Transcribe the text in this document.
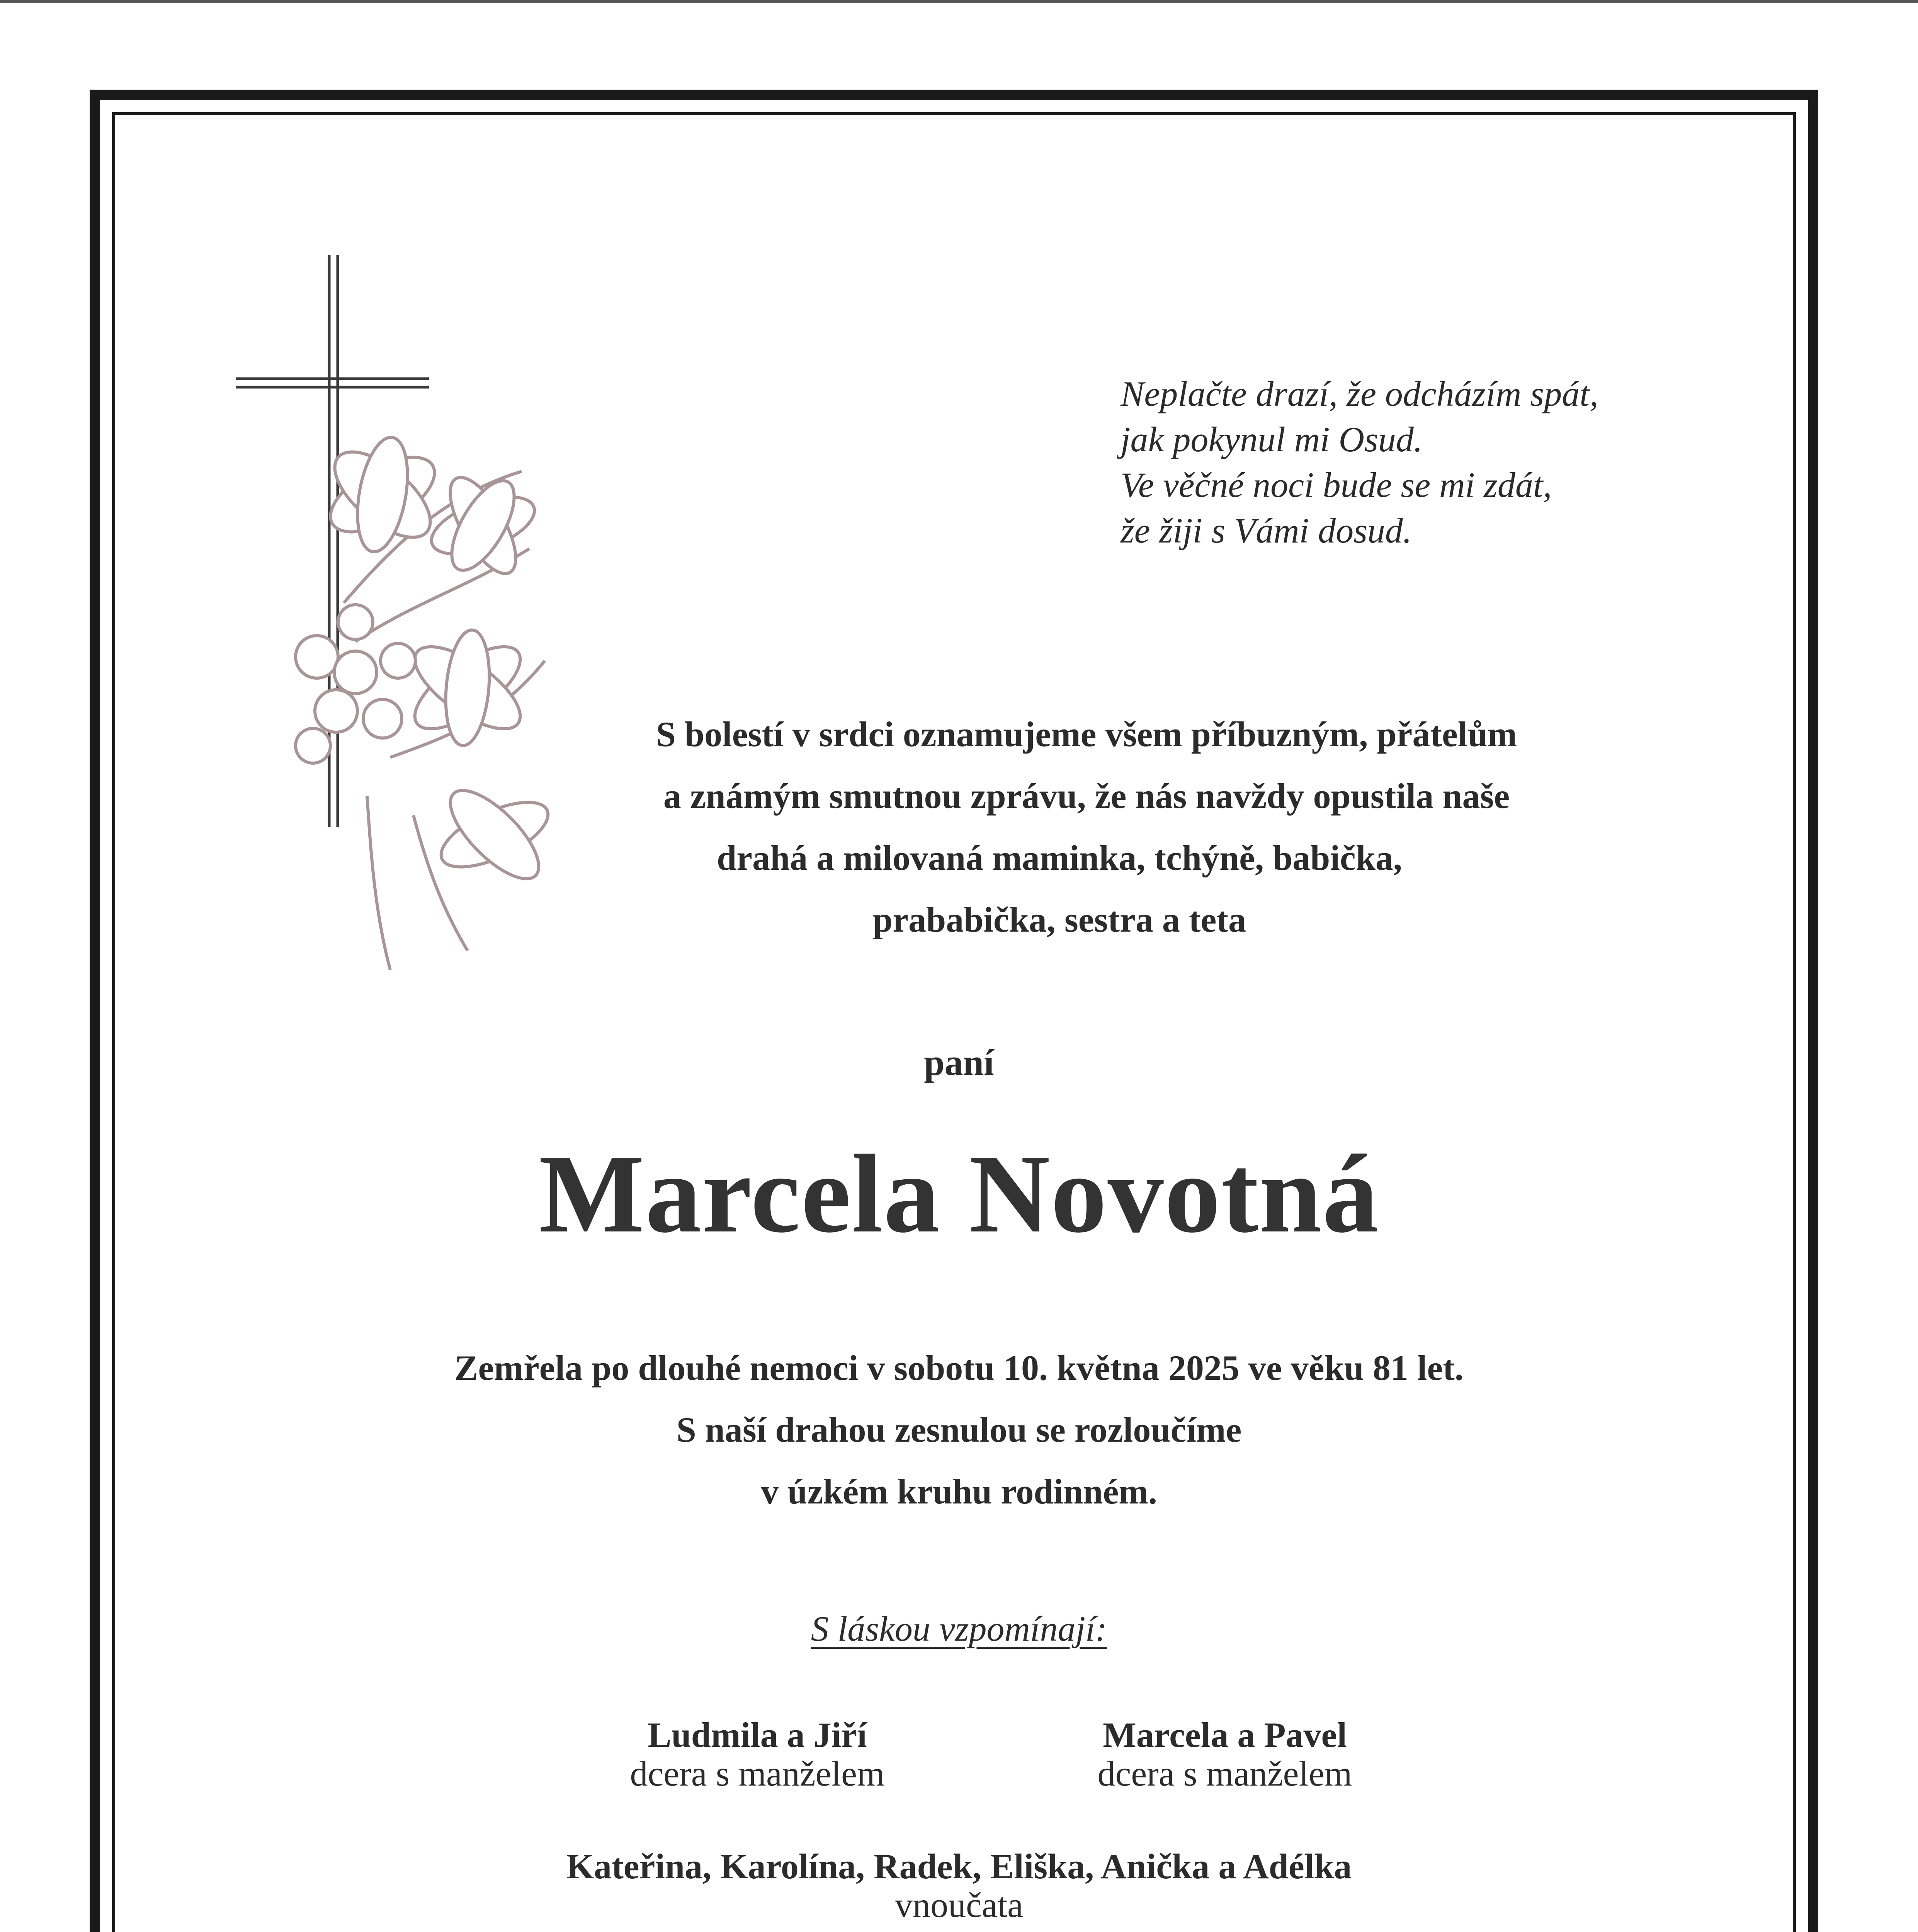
Neplačte drazí, že odcházím spát,
jak pokynul mi Osud.
Ve věčné noci bude se mi zdát,
že žiji s Vámi dosud.
S bolestí v srdci oznamujeme všem příbuzným, přátelům
a známým smutnou zprávu, že nás navždy opustila naše
drahá a milovaná maminka, tchýně, babička,
prababička, sestra a teta
paní
Marcela Novotná
Zemřela po dlouhé nemoci v sobotu 10. května 2025 ve věku 81 let.
S naší drahou zesnulou se rozloučíme
v úzkém kruhu rodinném.
S láskou vzpomínají:
Ludmila a Jiří
dcera s manželem
Marcela a Pavel
dcera s manželem
Kateřina, Karolína, Radek, Eliška, Anička a Adélka
vnoučata
